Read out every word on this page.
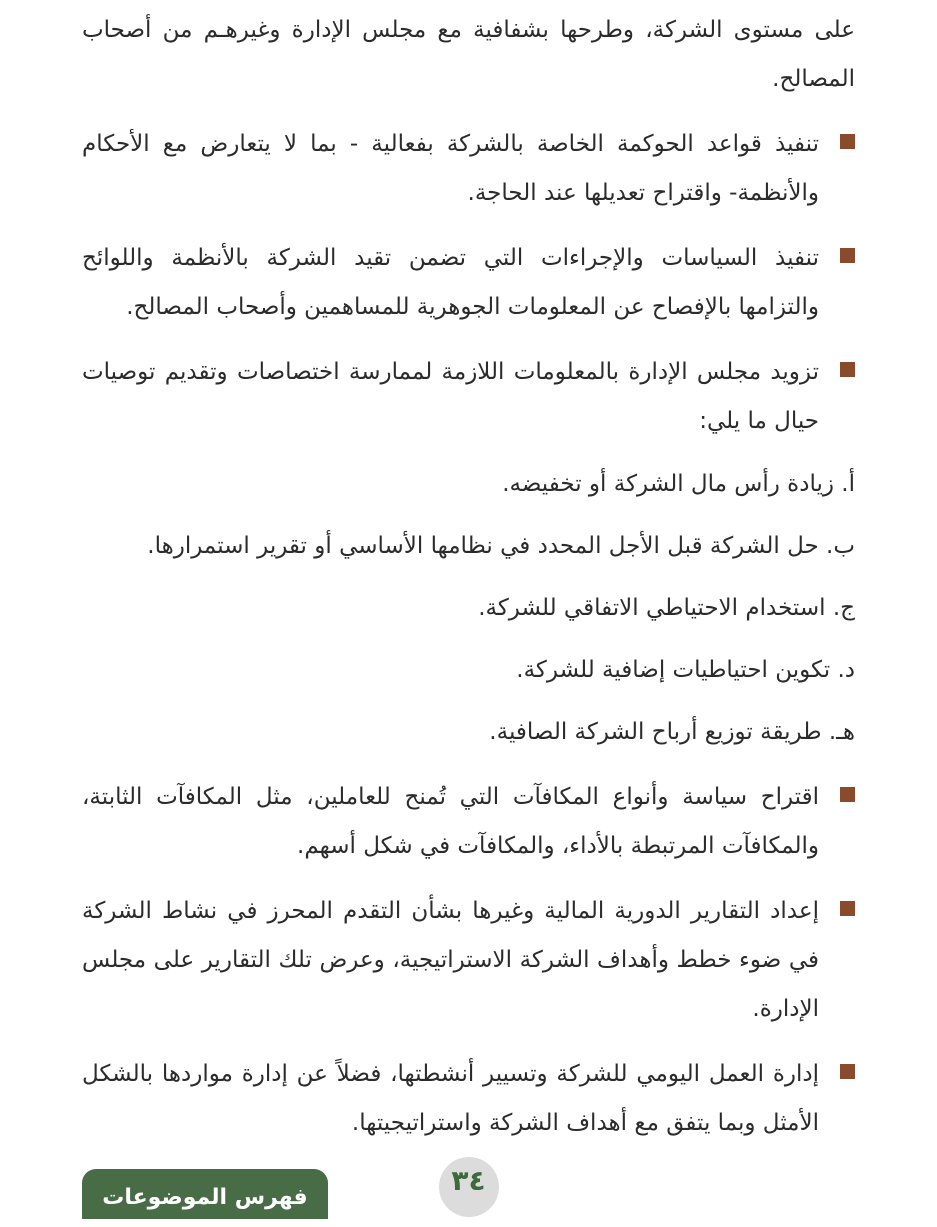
على مستوى الشركة، وطرحها بشفافية مع مجلس الإدارة وغيرهـم من أصحاب المصالح.
تنفيذ قواعد الحوكمة الخاصة بالشركة بفعالية - بما لا يتعارض مع الأحكام والأنظمة- واقتراح تعديلها عند الحاجة.
تنفيذ السياسات والإجراءات التي تضمن تقيد الشركة بالأنظمة واللوائح والتزامها بالإفصاح عن المعلومات الجوهرية للمساهمين وأصحاب المصالح.
تزويد مجلس الإدارة بالمعلومات اللازمة لممارسة اختصاصات وتقديم توصيات حيال ما يلي:
أ. زيادة رأس مال الشركة أو تخفيضه.
ب. حل الشركة قبل الأجل المحدد في نظامها الأساسي أو تقرير استمرارها.
ج. استخدام الاحتياطي الاتفاقي للشركة.
د. تكوين احتياطيات إضافية للشركة.
هـ. طريقة توزيع أرباح الشركة الصافية.
اقتراح سياسة وأنواع المكافآت التي تُمنح للعاملين، مثل المكافآت الثابتة، والمكافآت المرتبطة بالأداء، والمكافآت في شكل أسهم.
إعداد التقارير الدورية المالية وغيرها بشأن التقدم المحرز في نشاط الشركة في ضوء خطط وأهداف الشركة الاستراتيجية، وعرض تلك التقارير على مجلس الإدارة.
إدارة العمل اليومي للشركة وتسيير أنشطتها، فضلاً عن إدارة مواردها بالشكل الأمثل وبما يتفق مع أهداف الشركة واستراتيجيتها.
٣٤
فهرس الموضوعات
